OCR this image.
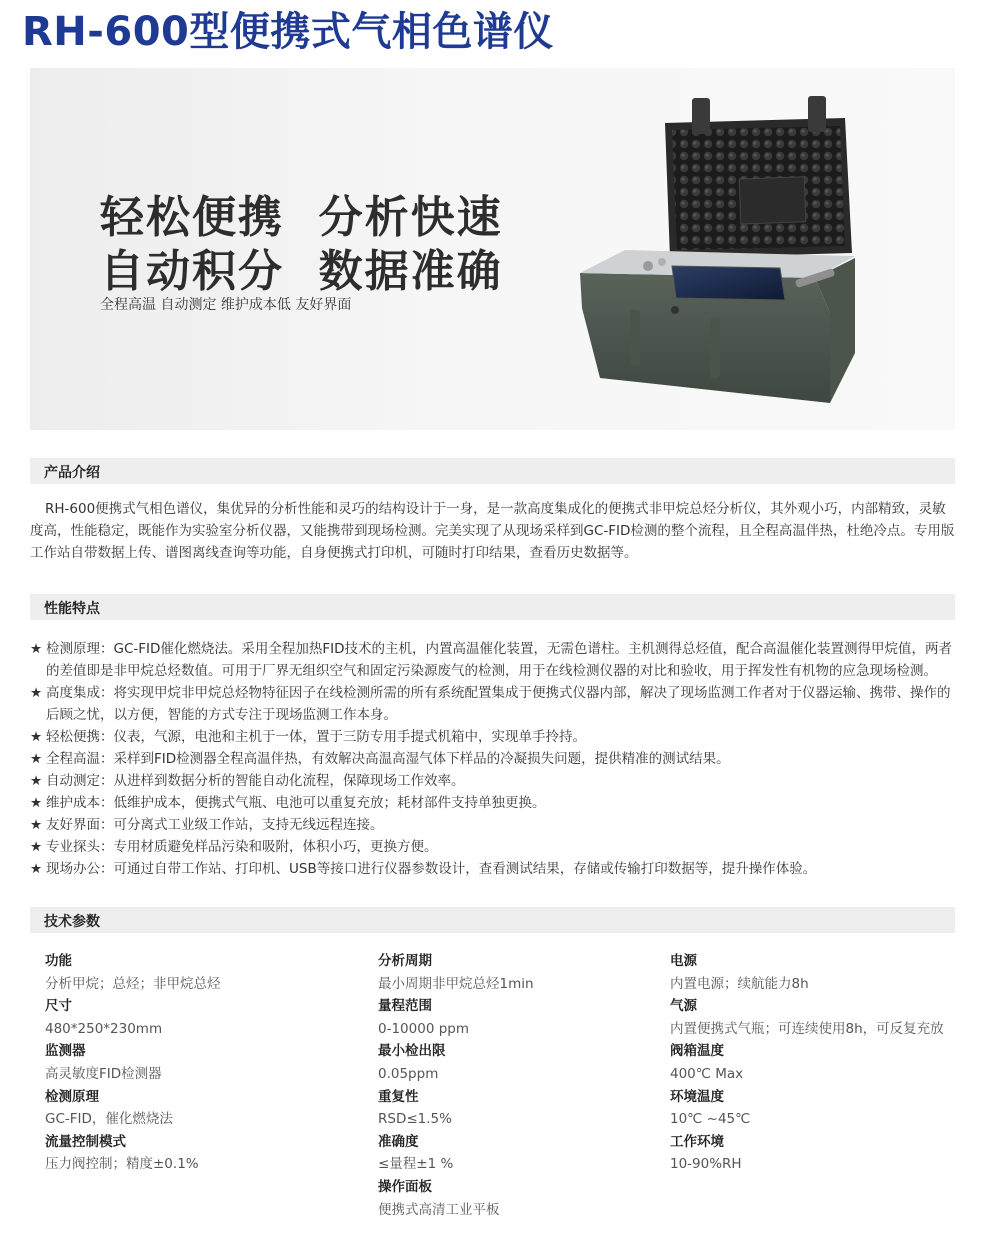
RH-600型便携式气相色谱仪

轻松便携  分析快速

自动积分  数据准确

全程高温 自动测定 维护成本低 友好界面
产品介绍

RH-600便携式气相色谱仪，集优异的分析性能和灵巧的结构设计于一身，是一款高度集成化的便携式非甲烷总烃分析仪，其外观小巧，内部精致，灵敏度高，性能稳定，既能作为实验室分析仪器，又能携带到现场检测。完美实现了从现场采样到GC-FID检测的整个流程，且全程高温伴热，杜绝冷点。专用版工作站自带数据上传、谱图离线查询等功能，自身便携式打印机，可随时打印结果，查看历史数据等。

性能特点
★ 检测原理：GC-FID催化燃烧法。采用全程加热FID技术的主机，内置高温催化装置，无需色谱柱。主机测得总烃值，配合高温催化装置测得甲烷值，两者的差值即是非甲烷总烃数值。可用于厂界无组织空气和固定污染源废气的检测，用于在线检测仪器的对比和验收，用于挥发性有机物的应急现场检测。
★ 高度集成：将实现甲烷非甲烷总烃物特征因子在线检测所需的所有系统配置集成于便携式仪器内部，解决了现场监测工作者对于仪器运输、携带、操作的后顾之忧，以方便，智能的方式专注于现场监测工作本身。
★ 轻松便携：仪表，气源，电池和主机于一体，置于三防专用手提式机箱中，实现单手拎持。
★ 全程高温：采样到FID检测器全程高温伴热，有效解决高温高湿气体下样品的冷凝损失问题，提供精准的测试结果。
★ 自动测定：从进样到数据分析的智能自动化流程，保障现场工作效率。
★ 维护成本：低维护成本，便携式气瓶、电池可以重复充放；耗材部件支持单独更换。
★ 友好界面：可分离式工业级工作站，支持无线远程连接。
★ 专业探头：专用材质避免样品污染和吸附，体积小巧，更换方便。
★ 现场办公：可通过自带工作站、打印机、USB等接口进行仪器参数设计，查看测试结果，存储或传输打印数据等，提升操作体验。
技术参数
功能
分析甲烷；总烃；非甲烷总烃
尺寸
480*250*230mm
监测器
高灵敏度FID检测器
检测原理
GC-FID，催化燃烧法
流量控制模式
压力阀控制；精度±0.1%
分析周期
最小周期非甲烷总烃1min
量程范围
0-10000 ppm
最小检出限
0.05ppm
重复性
RSD≤1.5%
准确度
≤量程±1 %
操作面板
便携式高清工业平板
电源
内置电源；续航能力8h
气源
内置便携式气瓶；可连续使用8h，可反复充放
阀箱温度
400℃ Max
环境温度
10℃ ~45℃
工作环境
10-90%RH
